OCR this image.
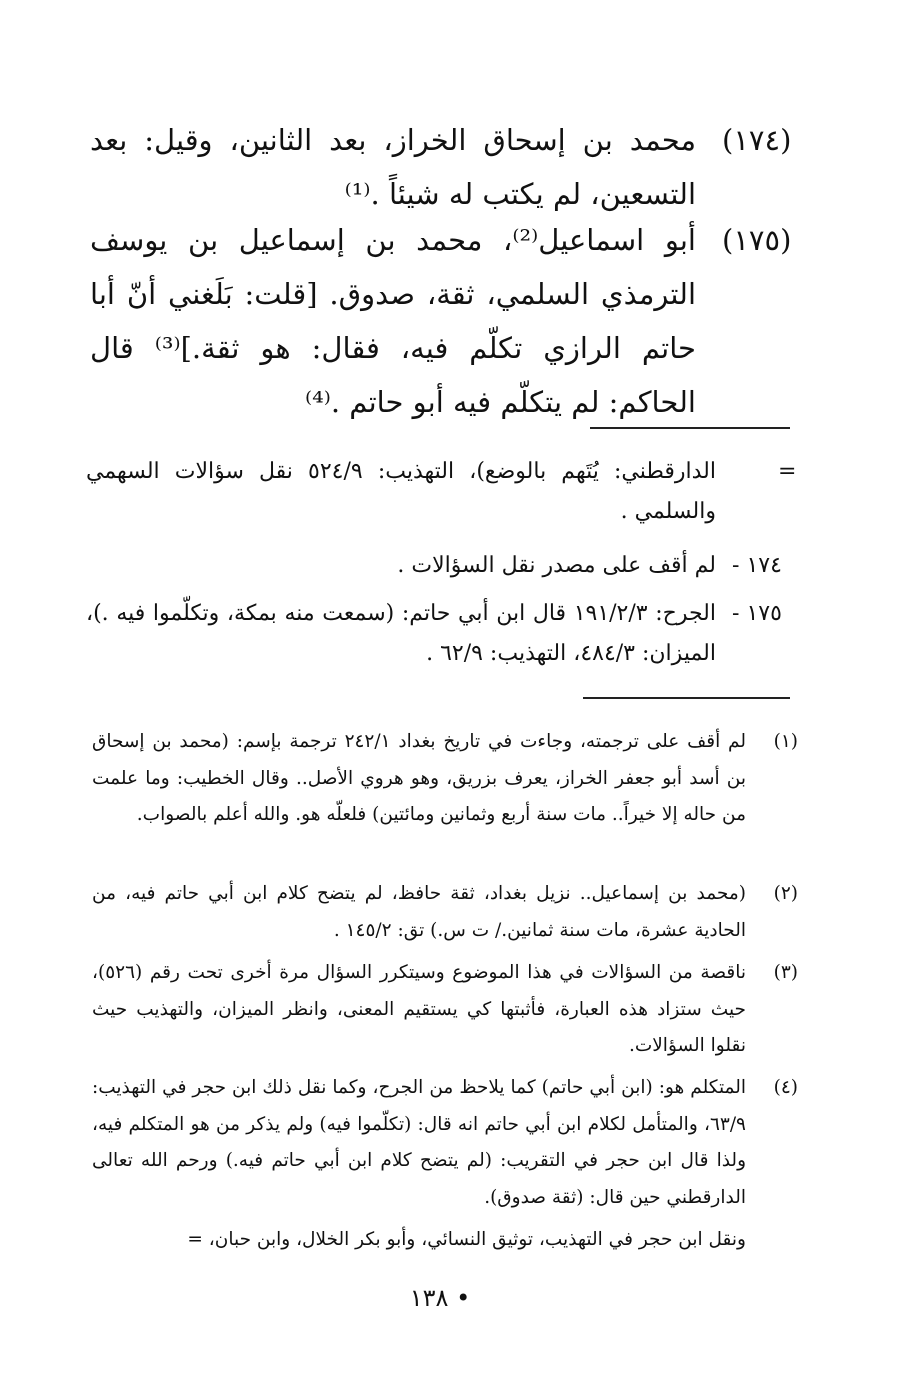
(١٧٤)
محمد بن إسحاق الخراز، بعد الثانين، وقيل: بعد التسعين، لم يكتب له شيئاً .⁽¹⁾
(١٧٥)
أبو اسماعيل⁽²⁾، محمد بن إسماعيل بن يوسف الترمذي السلمي، ثقة، صدوق. [قلت: بَلَغني أنّ أبا حاتم الرازي تكلّم فيه، فقال: هو ثقة.]⁽³⁾ قال الحاكم: لم يتكلّم فيه أبو حاتم .⁽⁴⁾
=
الدارقطني: يُتَهم بالوضع)، التهذيب: ٥٢٤/٩ نقل سؤالات السهمي والسلمي .
١٧٤ -
لم أقف على مصدر نقل السؤالات .
١٧٥ -
الجرح: ١٩١/٢/٣ قال ابن أبي حاتم: (سمعت منه بمكة، وتكلّموا فيه .)، الميزان: ٤٨٤/٣، التهذيب: ٦٢/٩ .
(١)
لم أقف على ترجمته، وجاءت في تاريخ بغداد ٢٤٢/١ ترجمة بإسم: (محمد بن إسحاق بن أسد أبو جعفر الخراز، يعرف بزريق، وهو هروي الأصل.. وقال الخطيب: وما علمت من حاله إلا خيراً.. مات سنة أربع وثمانين ومائتين) فلعلّه هو. والله أعلم بالصواب.
(٢)
(محمد بن إسماعيل.. نزيل بغداد، ثقة حافظ، لم يتضح كلام ابن أبي حاتم فيه، من الحادية عشرة، مات سنة ثمانين./ ت س.) تق: ١٤٥/٢ .
(٣)
ناقصة من السؤالات في هذا الموضوع وسيتكرر السؤال مرة أخرى تحت رقم (٥٢٦)، حيث ستزاد هذه العبارة، فأثبتها كي يستقيم المعنى، وانظر الميزان، والتهذيب حيث نقلوا السؤالات.
(٤)
المتكلم هو: (ابن أبي حاتم) كما يلاحظ من الجرح، وكما نقل ذلك ابن حجر في التهذيب: ٦٣/٩، والمتأمل لكلام ابن أبي حاتم انه قال: (تكلّموا فيه) ولم يذكر من هو المتكلم فيه، ولذا قال ابن حجر في التقريب: (لم يتضح كلام ابن أبي حاتم فيه.) ورحم الله تعالى الدارقطني حين قال: (ثقة صدوق).
ونقل ابن حجر في التهذيب، توثيق النسائي، وأبو بكر الخلال، وابن حبان، =
• ١٣٨
